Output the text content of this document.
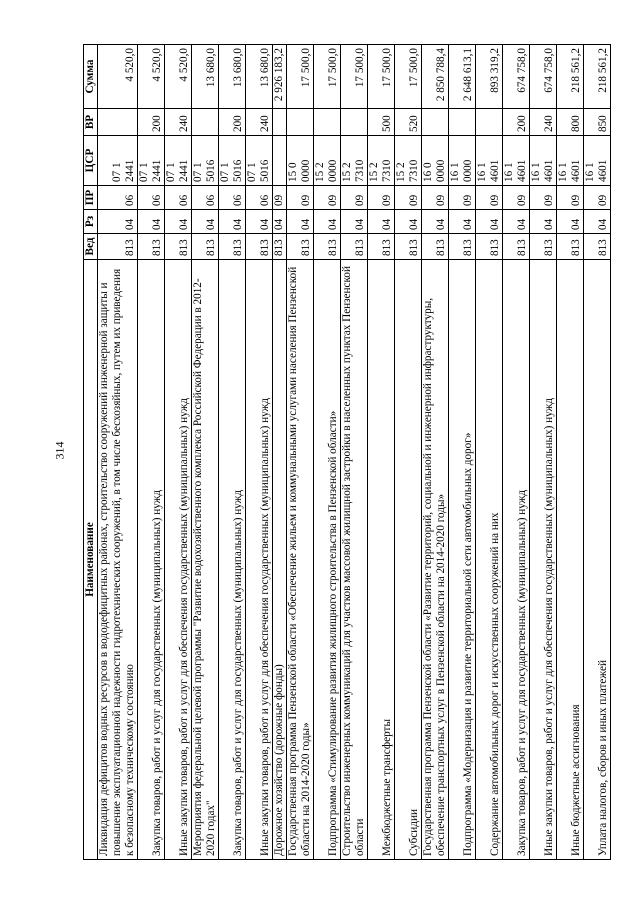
314
Наименование	Вед	Рз	ПР	ЦСР	ВР	Сумма
Ликвидация дефицитов водных ресурсов в вододефицитных районах, строительство сооружений инженерной защиты и повышение эксплуатационной надежности гидротехнических сооружений, в том числе бесхозяйных, путем их приведения к безопасному техническому состоянию	813	04	06	07 1 2441		4 520,0
Закупка товаров, работ и услуг для государственных (муниципальных) нужд	813	04	06	07 1 2441	200	4 520,0
Иные закупки товаров, работ и услуг для обеспечения государственных (муниципальных) нужд	813	04	06	07 1 2441	240	4 520,0
Мероприятия федеральной целевой программы "Развитие водохозяйственного комплекса Российской Федерации в 2012-2020 годах"	813	04	06	07 1 5016		13 680,0
Закупка товаров, работ и услуг для государственных (муниципальных) нужд	813	04	06	07 1 5016	200	13 680,0
Иные закупки товаров, работ и услуг для обеспечения государственных (муниципальных) нужд	813	04	06	07 1 5016	240	13 680,0
Дорожное хозяйство (дорожные фонды)	813	04	09			2 926 183,2
Государственная программа Пензенской области «Обеспечение жильем и коммунальными услугами населения Пензенской области на 2014-2020 годы»	813	04	09	15 0 0000		17 500,0
Подпрограмма «Стимулирование развития жилищного строительства в Пензенской области»	813	04	09	15 2 0000		17 500,0
Строительство инженерных коммуникаций для участков массовой жилищной застройки в населенных пунктах Пензенской области	813	04	09	15 2 7310		17 500,0
Межбюджетные трансферты	813	04	09	15 2 7310	500	17 500,0
Субсидии	813	04	09	15 2 7310	520	17 500,0
Государственная программа Пензенской области «Развитие территорий, социальной и инженерной инфраструктуры, обеспечение транспортных услуг в Пензенской области на 2014-2020 годы»	813	04	09	16 0 0000		2 850 788,4
Подпрограмма «Модернизация и развитие территориальной сети автомобильных дорог»	813	04	09	16 1 0000		2 648 613,1
Содержание автомобильных дорог и искусственных сооружений на них	813	04	09	16 1 4601		893 319,2
Закупка товаров, работ и услуг для государственных (муниципальных) нужд	813	04	09	16 1 4601	200	674 758,0
Иные закупки товаров, работ и услуг для обеспечения государственных (муниципальных) нужд	813	04	09	16 1 4601	240	674 758,0
Иные бюджетные ассигнования	813	04	09	16 1 4601	800	218 561,2
Уплата налогов, сборов и иных платежей	813	04	09	16 1 4601	850	218 561,2
